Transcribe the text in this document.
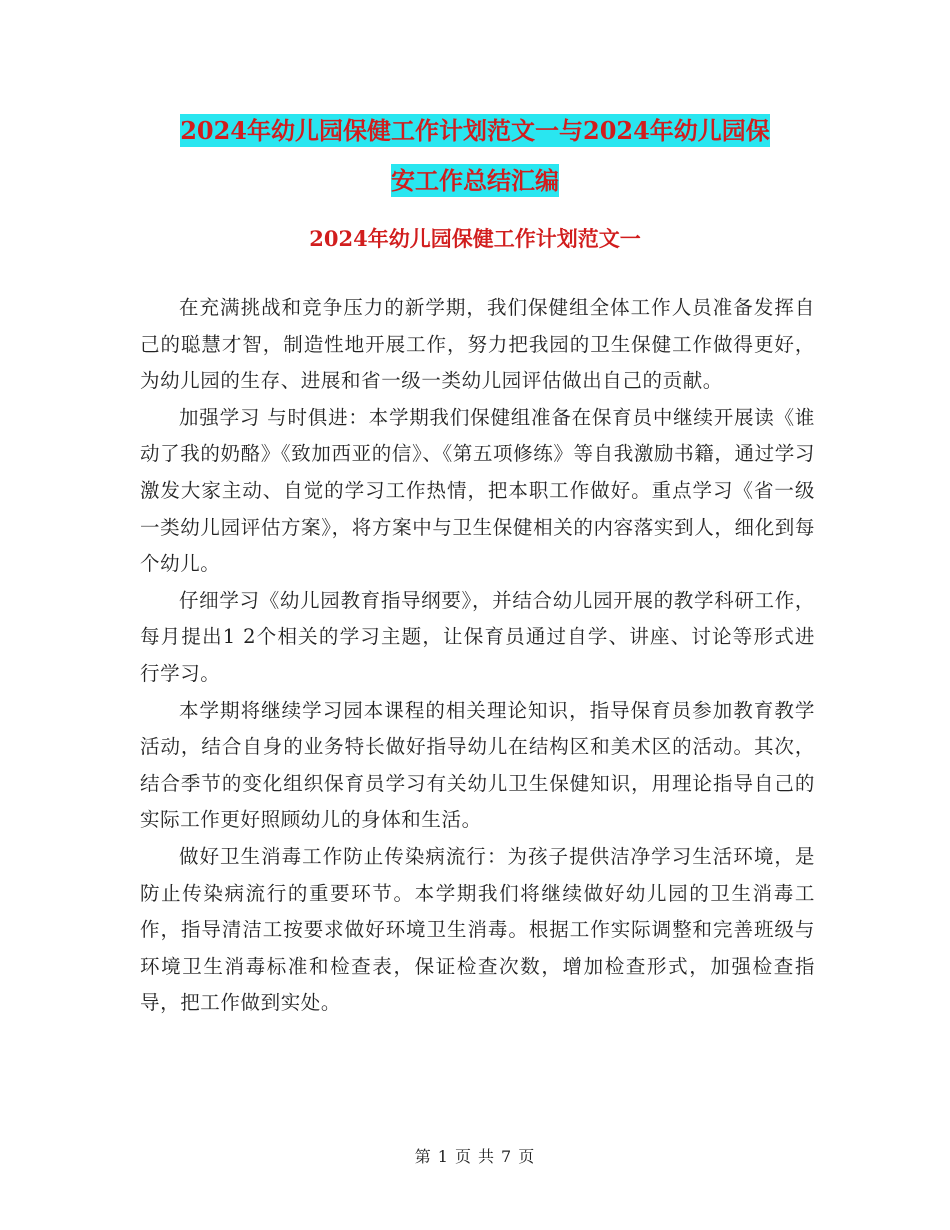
2024年幼儿园保健工作计划范文一与2024年幼儿园保
安工作总结汇编
2024年幼儿园保健工作计划范文一

在充满挑战和竞争压力的新学期，我们保健组全体工作人员准备发挥自己的聪慧才智，制造性地开展工作，努力把我园的卫生保健工作做得更好，为幼儿园的生存、进展和省一级一类幼儿园评估做出自己的贡献。

加强学习 与时俱进：本学期我们保健组准备在保育员中继续开展读《谁动了我的奶酪》《致加西亚的信》、《第五项修练》等自我激励书籍，通过学习激发大家主动、自觉的学习工作热情，把本职工作做好。重点学习《省一级一类幼儿园评估方案》，将方案中与卫生保健相关的内容落实到人，细化到每个幼儿。

仔细学习《幼儿园教育指导纲要》，并结合幼儿园开展的教学科研工作，每月提出1 2个相关的学习主题，让保育员通过自学、讲座、讨论等形式进行学习。

本学期将继续学习园本课程的相关理论知识，指导保育员参加教育教学活动，结合自身的业务特长做好指导幼儿在结构区和美术区的活动。其次，结合季节的变化组织保育员学习有关幼儿卫生保健知识，用理论指导自己的实际工作更好照顾幼儿的身体和生活。

做好卫生消毒工作防止传染病流行：为孩子提供洁净学习生活环境，是防止传染病流行的重要环节。本学期我们将继续做好幼儿园的卫生消毒工作，指导清洁工按要求做好环境卫生消毒。根据工作实际调整和完善班级与环境卫生消毒标准和检查表，保证检查次数，增加检查形式，加强检查指导，把工作做到实处。

第 1 页 共 7 页
